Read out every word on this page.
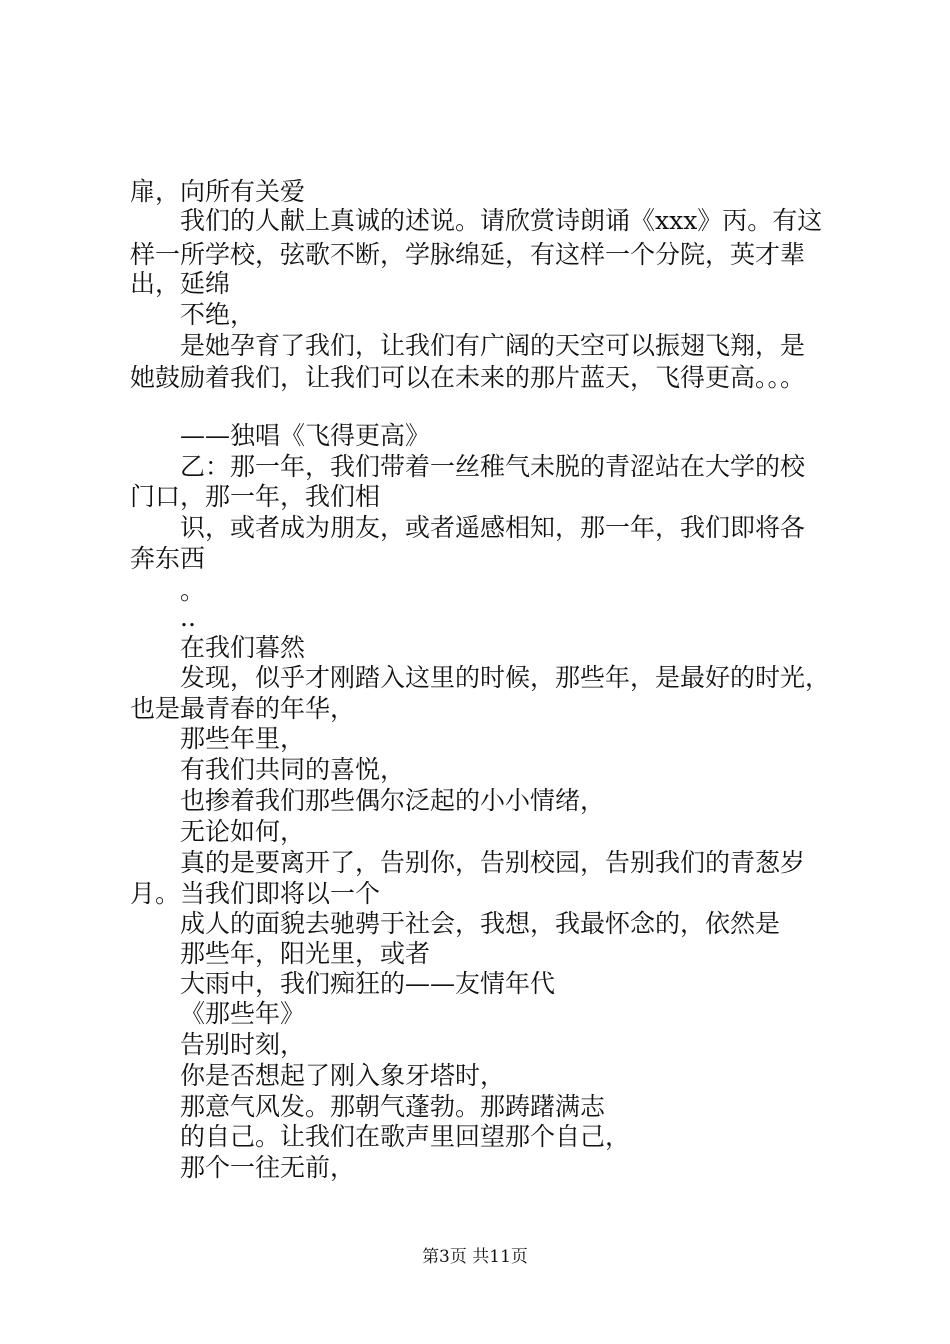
扉，向所有关爱
我们的人献上真诚的述说。请欣赏诗朗诵《xxx》丙。有这
样一所学校，弦歌不断，学脉绵延，有这样一个分院，英才辈
出，延绵
不绝，
是她孕育了我们，让我们有广阔的天空可以振翅飞翔，是
她鼓励着我们，让我们可以在未来的那片蓝天，飞得更高。。。
——独唱《飞得更高》
乙：那一年，我们带着一丝稚气未脱的青涩站在大学的校
门口，那一年，我们相
识，或者成为朋友，或者遥感相知，那一年，我们即将各
奔东西
。
..
在我们暮然
发现，似乎才刚踏入这里的时候，那些年，是最好的时光，
也是最青春的年华，
那些年里，
有我们共同的喜悦，
也掺着我们那些偶尔泛起的小小情绪，
无论如何，
真的是要离开了，告别你，告别校园，告别我们的青葱岁
月。当我们即将以一个
成人的面貌去驰骋于社会，我想，我最怀念的，依然是
那些年，阳光里，或者
大雨中，我们痴狂的——友情年代
《那些年》
告别时刻，
你是否想起了刚入象牙塔时，
那意气风发。那朝气蓬勃。那踌躇满志
的自己。让我们在歌声里回望那个自己，
那个一往无前，
第3页 共11页
